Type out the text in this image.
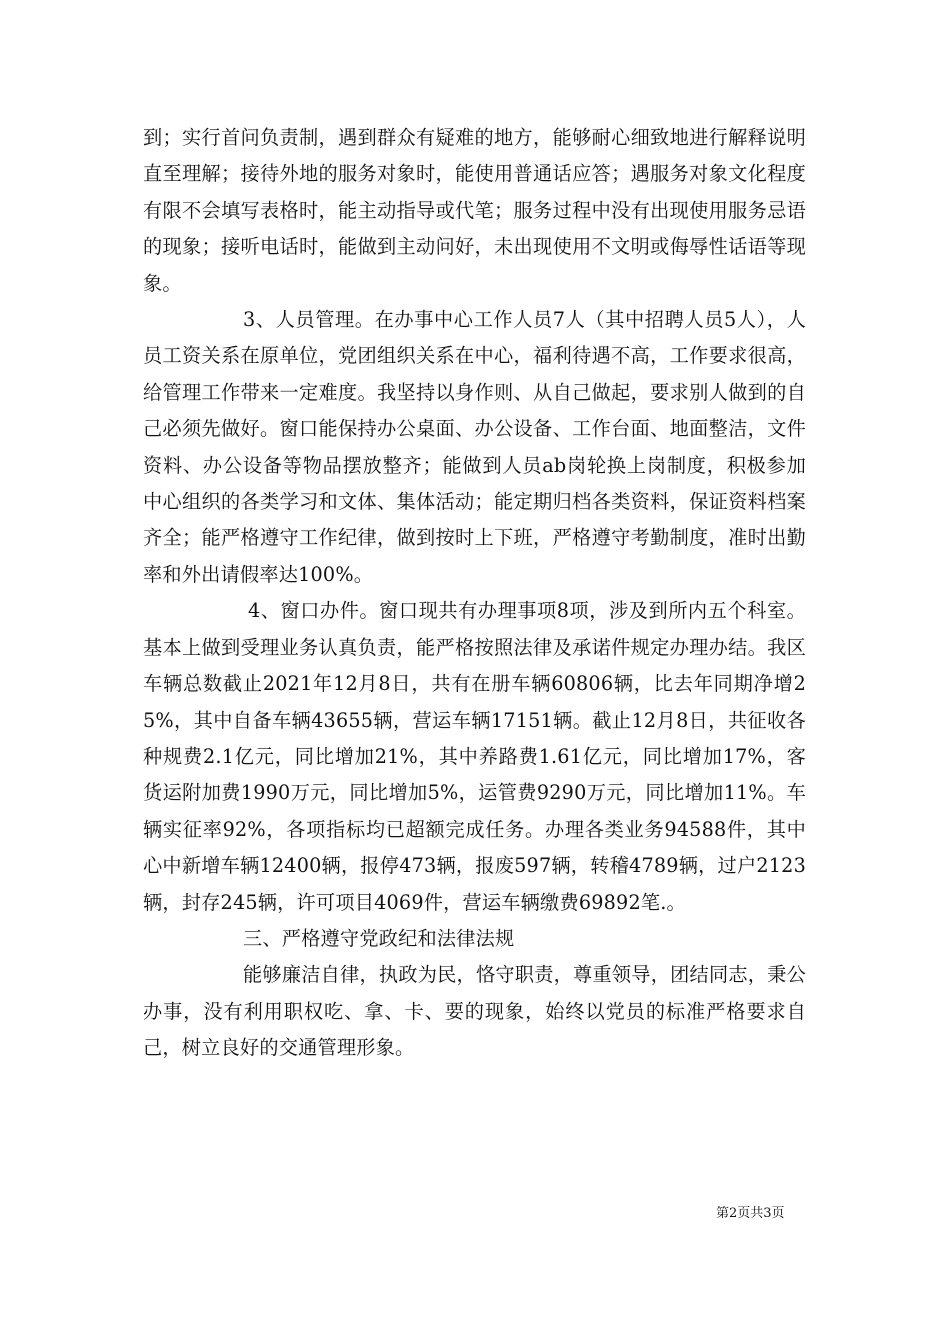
到；实行首问负责制，遇到群众有疑难的地方，能够耐心细致地进行解释说明直至理解；接待外地的服务对象时，能使用普通话应答；遇服务对象文化程度有限不会填写表格时，能主动指导或代笔；服务过程中没有出现使用服务忌语的现象；接听电话时，能做到主动问好，未出现使用不文明或侮辱性话语等现象。

3、人员管理。在办事中心工作人员7人（其中招聘人员5人），人员工资关系在原单位，党团组织关系在中心，福利待遇不高，工作要求很高，给管理工作带来一定难度。我坚持以身作则、从自己做起，要求别人做到的自己必须先做好。窗口能保持办公桌面、办公设备、工作台面、地面整洁，文件资料、办公设备等物品摆放整齐；能做到人员ab岗轮换上岗制度，积极参加中心组织的各类学习和文体、集体活动；能定期归档各类资料，保证资料档案齐全；能严格遵守工作纪律，做到按时上下班，严格遵守考勤制度，准时出勤率和外出请假率达100%。

4、窗口办件。窗口现共有办理事项8项，涉及到所内五个科室。基本上做到受理业务认真负责，能严格按照法律及承诺件规定办理办结。我区车辆总数截止2021年12月8日，共有在册车辆60806辆，比去年同期净增25%，其中自备车辆43655辆，营运车辆17151辆。截止12月8日，共征收各种规费2.1亿元，同比增加21%，其中养路费1.61亿元，同比增加17%，客货运附加费1990万元，同比增加5%，运管费9290万元，同比增加11%。车辆实征率92%，各项指标均已超额完成任务。办理各类业务94588件，其中心中新增车辆12400辆，报停473辆，报废597辆，转稽4789辆，过户2123辆，封存245辆，许可项目4069件，营运车辆缴费69892笔.。

三、严格遵守党政纪和法律法规

能够廉洁自律，执政为民，恪守职责，尊重领导，团结同志，秉公办事，没有利用职权吃、拿、卡、要的现象，始终以党员的标准严格要求自己，树立良好的交通管理形象。

第2页共3页
